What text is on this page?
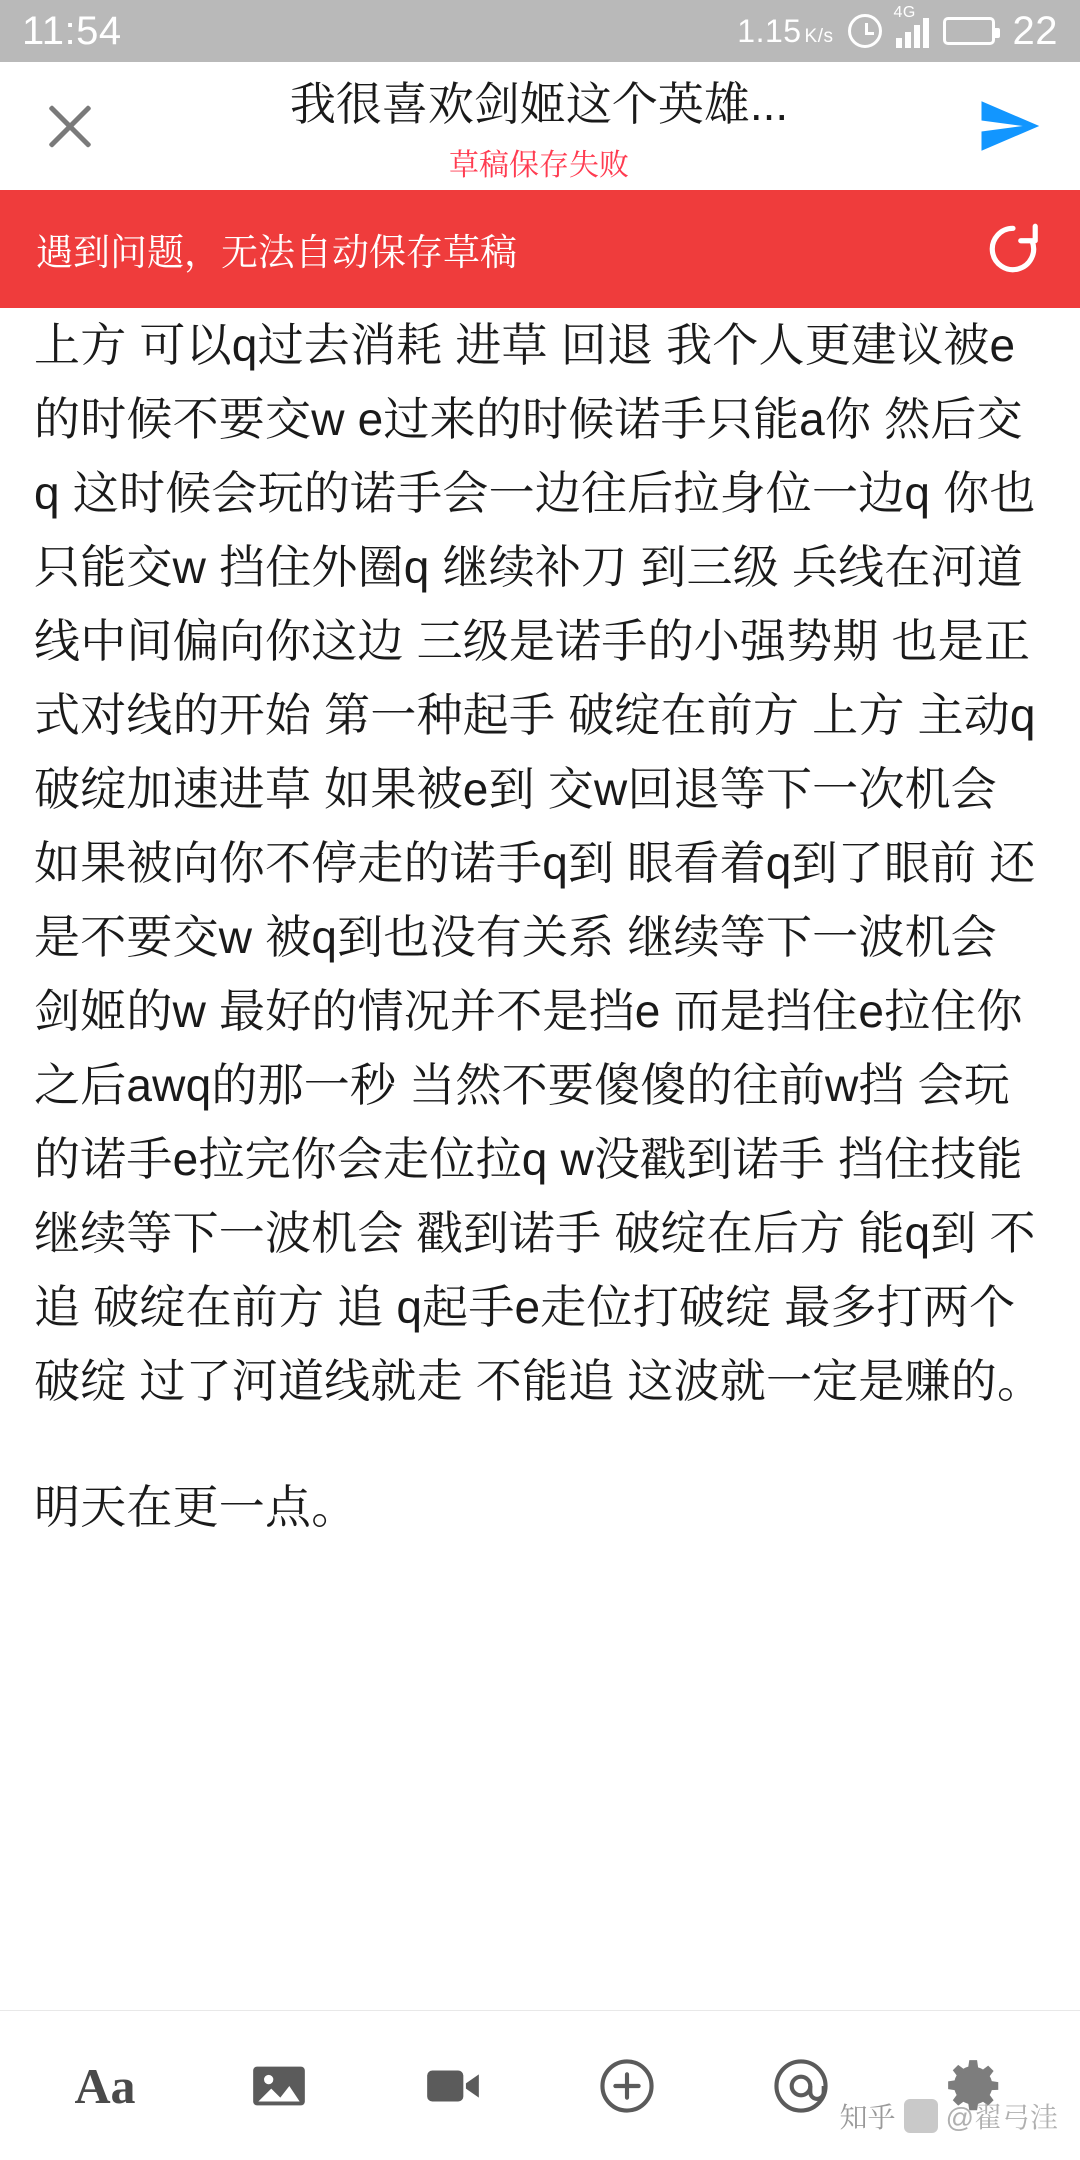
11:54	1.15 K/s
4G 22
我很喜欢剑姬这个英雄...
草稿保存失败
遇到问题，无法自动保存草稿
上方 可以q过去消耗 进草 回退 我个人更建议被e的时候不要交w e过来的时候诺手只能a你 然后交q 这时候会玩的诺手会一边往后拉身位一边q 你也只能交w 挡住外圈q 继续补刀 到三级 兵线在河道线中间偏向你这边 三级是诺手的小强势期 也是正式对线的开始 第一种起手 破绽在前方 上方 主动q破绽加速进草 如果被e到 交w回退等下一次机会 如果被向你不停走的诺手q到 眼看着q到了眼前 还是不要交w 被q到也没有关系 继续等下一波机会 剑姬的w 最好的情况并不是挡e 而是挡住e拉住你之后awq的那一秒 当然不要傻傻的往前w挡 会玩的诺手e拉完你会走位拉q w没戳到诺手 挡住技能 继续等下一波机会 戳到诺手 破绽在后方 能q到 不追 破绽在前方 追 q起手e走位打破绽 最多打两个破绽 过了河道线就走 不能追 这波就一定是赚的。
明天在更一点。
Aa
知乎 @翟弓洼
